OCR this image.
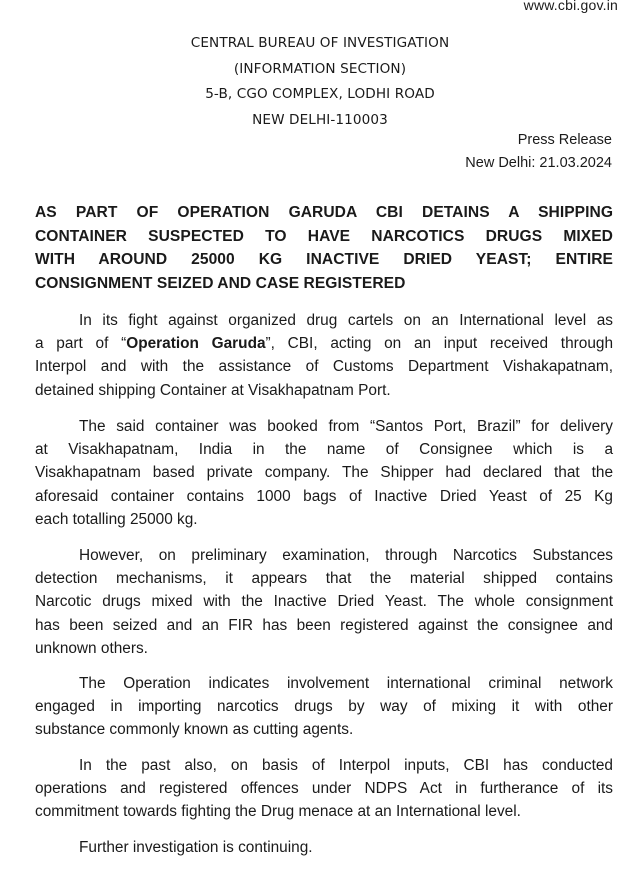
www.cbi.gov.in
CENTRAL BUREAU OF INVESTIGATION
(INFORMATION SECTION)
5-B, CGO COMPLEX, LODHI ROAD
NEW DELHI-110003
Press Release
New Delhi: 21.03.2024
AS PART OF OPERATION GARUDA CBI DETAINS A SHIPPING
CONTAINER SUSPECTED TO HAVE NARCOTICS DRUGS MIXED
WITH AROUND 25000 KG INACTIVE DRIED YEAST; ENTIRE
CONSIGNMENT SEIZED AND CASE REGISTERED
In its fight against organized drug cartels on an International level as
a part of “Operation Garuda”, CBI, acting on an input received through
Interpol and with the assistance of Customs Department Vishakapatnam,
detained shipping Container at Visakhapatnam Port.
The said container was booked from “Santos Port, Brazil” for delivery
at Visakhapatnam, India in the name of Consignee which is a
Visakhapatnam based private company. The Shipper had declared that the
aforesaid container contains 1000 bags of Inactive Dried Yeast of 25 Kg
each totalling 25000 kg.
However, on preliminary examination, through Narcotics Substances
detection mechanisms, it appears that the material shipped contains
Narcotic drugs mixed with the Inactive Dried Yeast. The whole consignment
has been seized and an FIR has been registered against the consignee and
unknown others.
The Operation indicates involvement international criminal network
engaged in importing narcotics drugs by way of mixing it with other
substance commonly known as cutting agents.
In the past also, on basis of Interpol inputs, CBI has conducted
operations and registered offences under NDPS Act in furtherance of its
commitment towards fighting the Drug menace at an International level.
Further investigation is continuing.
